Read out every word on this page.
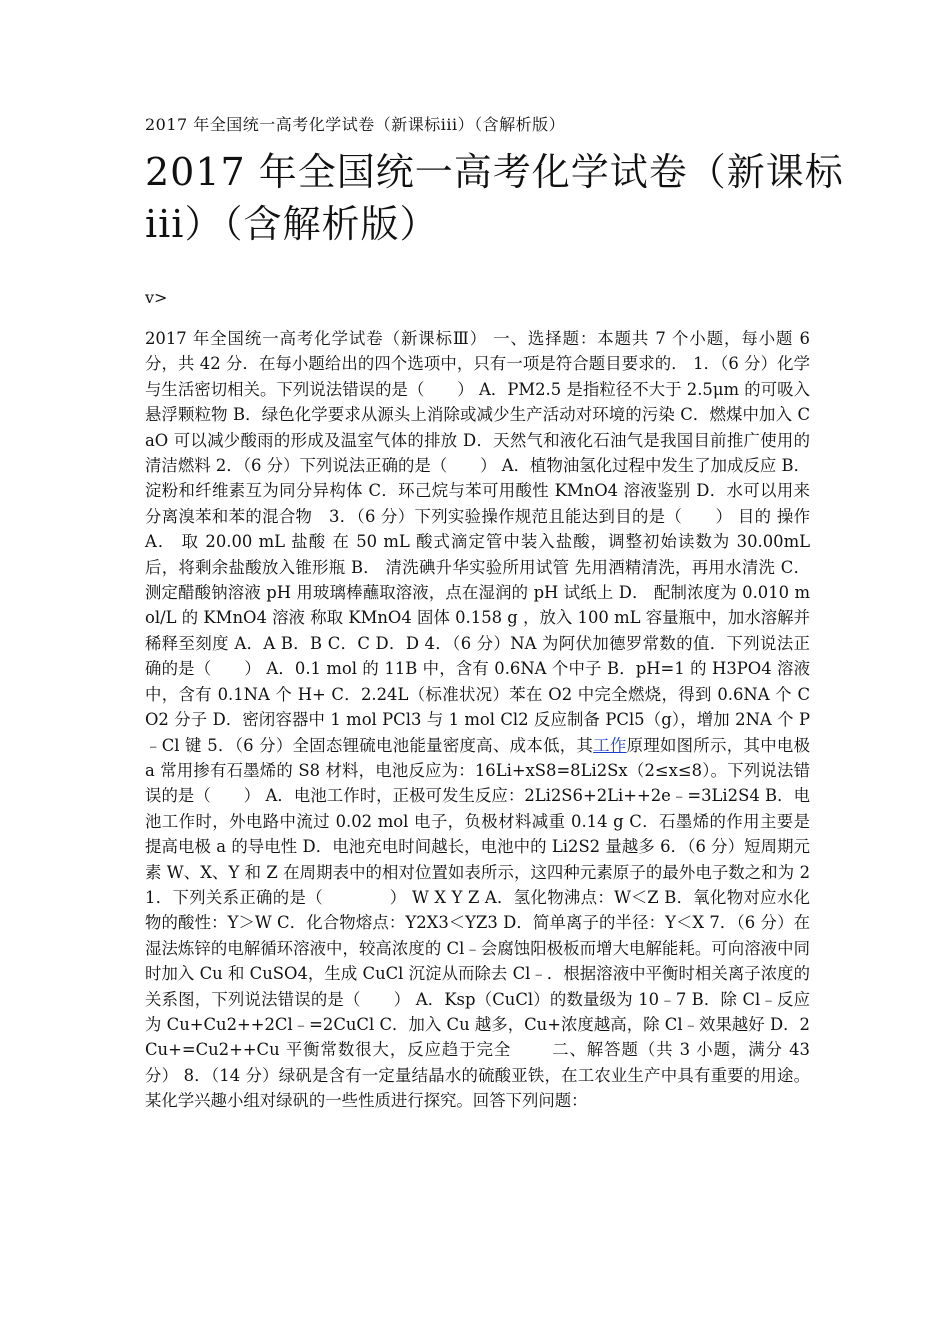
2017 年全国统一高考化学试卷（新课标iii）（含解析版）
2017 年全国统一高考化学试卷（新课标iii）（含解析版）
v>

2017 年全国统一高考化学试卷（新课标Ⅲ） 一、选择题：本题共 7 个小题，每小题 6 分，共 42 分．在每小题给出的四个选项中，只有一项是符合题目要求的． 1．（6 分）化学与生活密切相关。下列说法错误的是（　　） A．PM2.5 是指粒径不大于 2.5μm 的可吸入悬浮颗粒物 B．绿色化学要求从源头上消除或减少生产活动对环境的污染 C．燃煤中加入 CaO 可以减少酸雨的形成及温室气体的排放 D．天然气和液化石油气是我国目前推广使用的清洁燃料 2．（6 分）下列说法正确的是（　　） A．植物油氢化过程中发生了加成反应 B．淀粉和纤维素互为同分异构体 C．环己烷与苯可用酸性 KMnO4 溶液鉴别 D．水可以用来分离溴苯和苯的混合物　3．（6 分）下列实验操作规范且能达到目的是（　　） 目的 操作 A． 取 20.00 mL 盐酸 在 50 mL 酸式滴定管中装入盐酸，调整初始读数为 30.00mL 后，将剩余盐酸放入锥形瓶 B． 清洗碘升华实验所用试管 先用酒精清洗，再用水清洗 C． 测定醋酸钠溶液 pH 用玻璃棒蘸取溶液，点在湿润的 pH 试纸上 D． 配制浓度为 0.010 mol/L 的 KMnO4 溶液 称取 KMnO4 固体 0.158 g ，放入 100 mL 容量瓶中，加水溶解并稀释至刻度 A．A B．B C．C D．D 4．（6 分）NA 为阿伏加德罗常数的值．下列说法正确的是（　　） A．0.1 mol 的 11B 中，含有 0.6NA 个中子 B．pH=1 的 H3PO4 溶液中，含有 0.1NA 个 H+ C．2.24L（标准状况）苯在 O2 中完全燃烧，得到 0.6NA 个 CO2 分子 D．密闭容器中 1 mol PCl3 与 1 mol Cl2 反应制备 PCl5（g），增加 2NA 个 P﹣Cl 键 5．（6 分）全固态锂硫电池能量密度高、成本低，其工作原理如图所示，其中电极 a 常用掺有石墨烯的 S8 材料，电池反应为：16Li+xS8=8Li2Sx（2≤x≤8）。下列说法错误的是（　　） A．电池工作时，正极可发生反应：2Li2S6+2Li++2e﹣=3Li2S4 B．电池工作时，外电路中流过 0.02 mol 电子，负极材料减重 0.14 g C．石墨烯的作用主要是提高电极 a 的导电性 D．电池充电时间越长，电池中的 Li2S2 量越多 6．（6 分）短周期元素 W、X、Y 和 Z 在周期表中的相对位置如表所示，这四种元素原子的最外电子数之和为 21．下列关系正确的是（　　　　） W X Y Z A．氢化物沸点：W＜Z B．氧化物对应水化物的酸性：Y＞W C．化合物熔点：Y2X3＜YZ3 D．简单离子的半径：Y＜X 7．（6 分）在湿法炼锌的电解循环溶液中，较高浓度的 Cl﹣会腐蚀阳极板而增大电解能耗。可向溶液中同时加入 Cu 和 CuSO4，生成 CuCl 沉淀从而除去 Cl﹣．根据溶液中平衡时相关离子浓度的关系图，下列说法错误的是（　　） A．Ksp（CuCl）的数量级为 10﹣7 B．除 Cl﹣反应为 Cu+Cu2++2Cl﹣=2CuCl C．加入 Cu 越多，Cu+浓度越高，除 Cl﹣效果越好 D．2Cu+=Cu2++Cu 平衡常数很大，反应趋于完全　　 二、解答题（共 3 小题，满分 43 分） 8．（14 分）绿矾是含有一定量结晶水的硫酸亚铁，在工农业生产中具有重要的用途。某化学兴趣小组对绿矾的一些性质进行探究。回答下列问题：
